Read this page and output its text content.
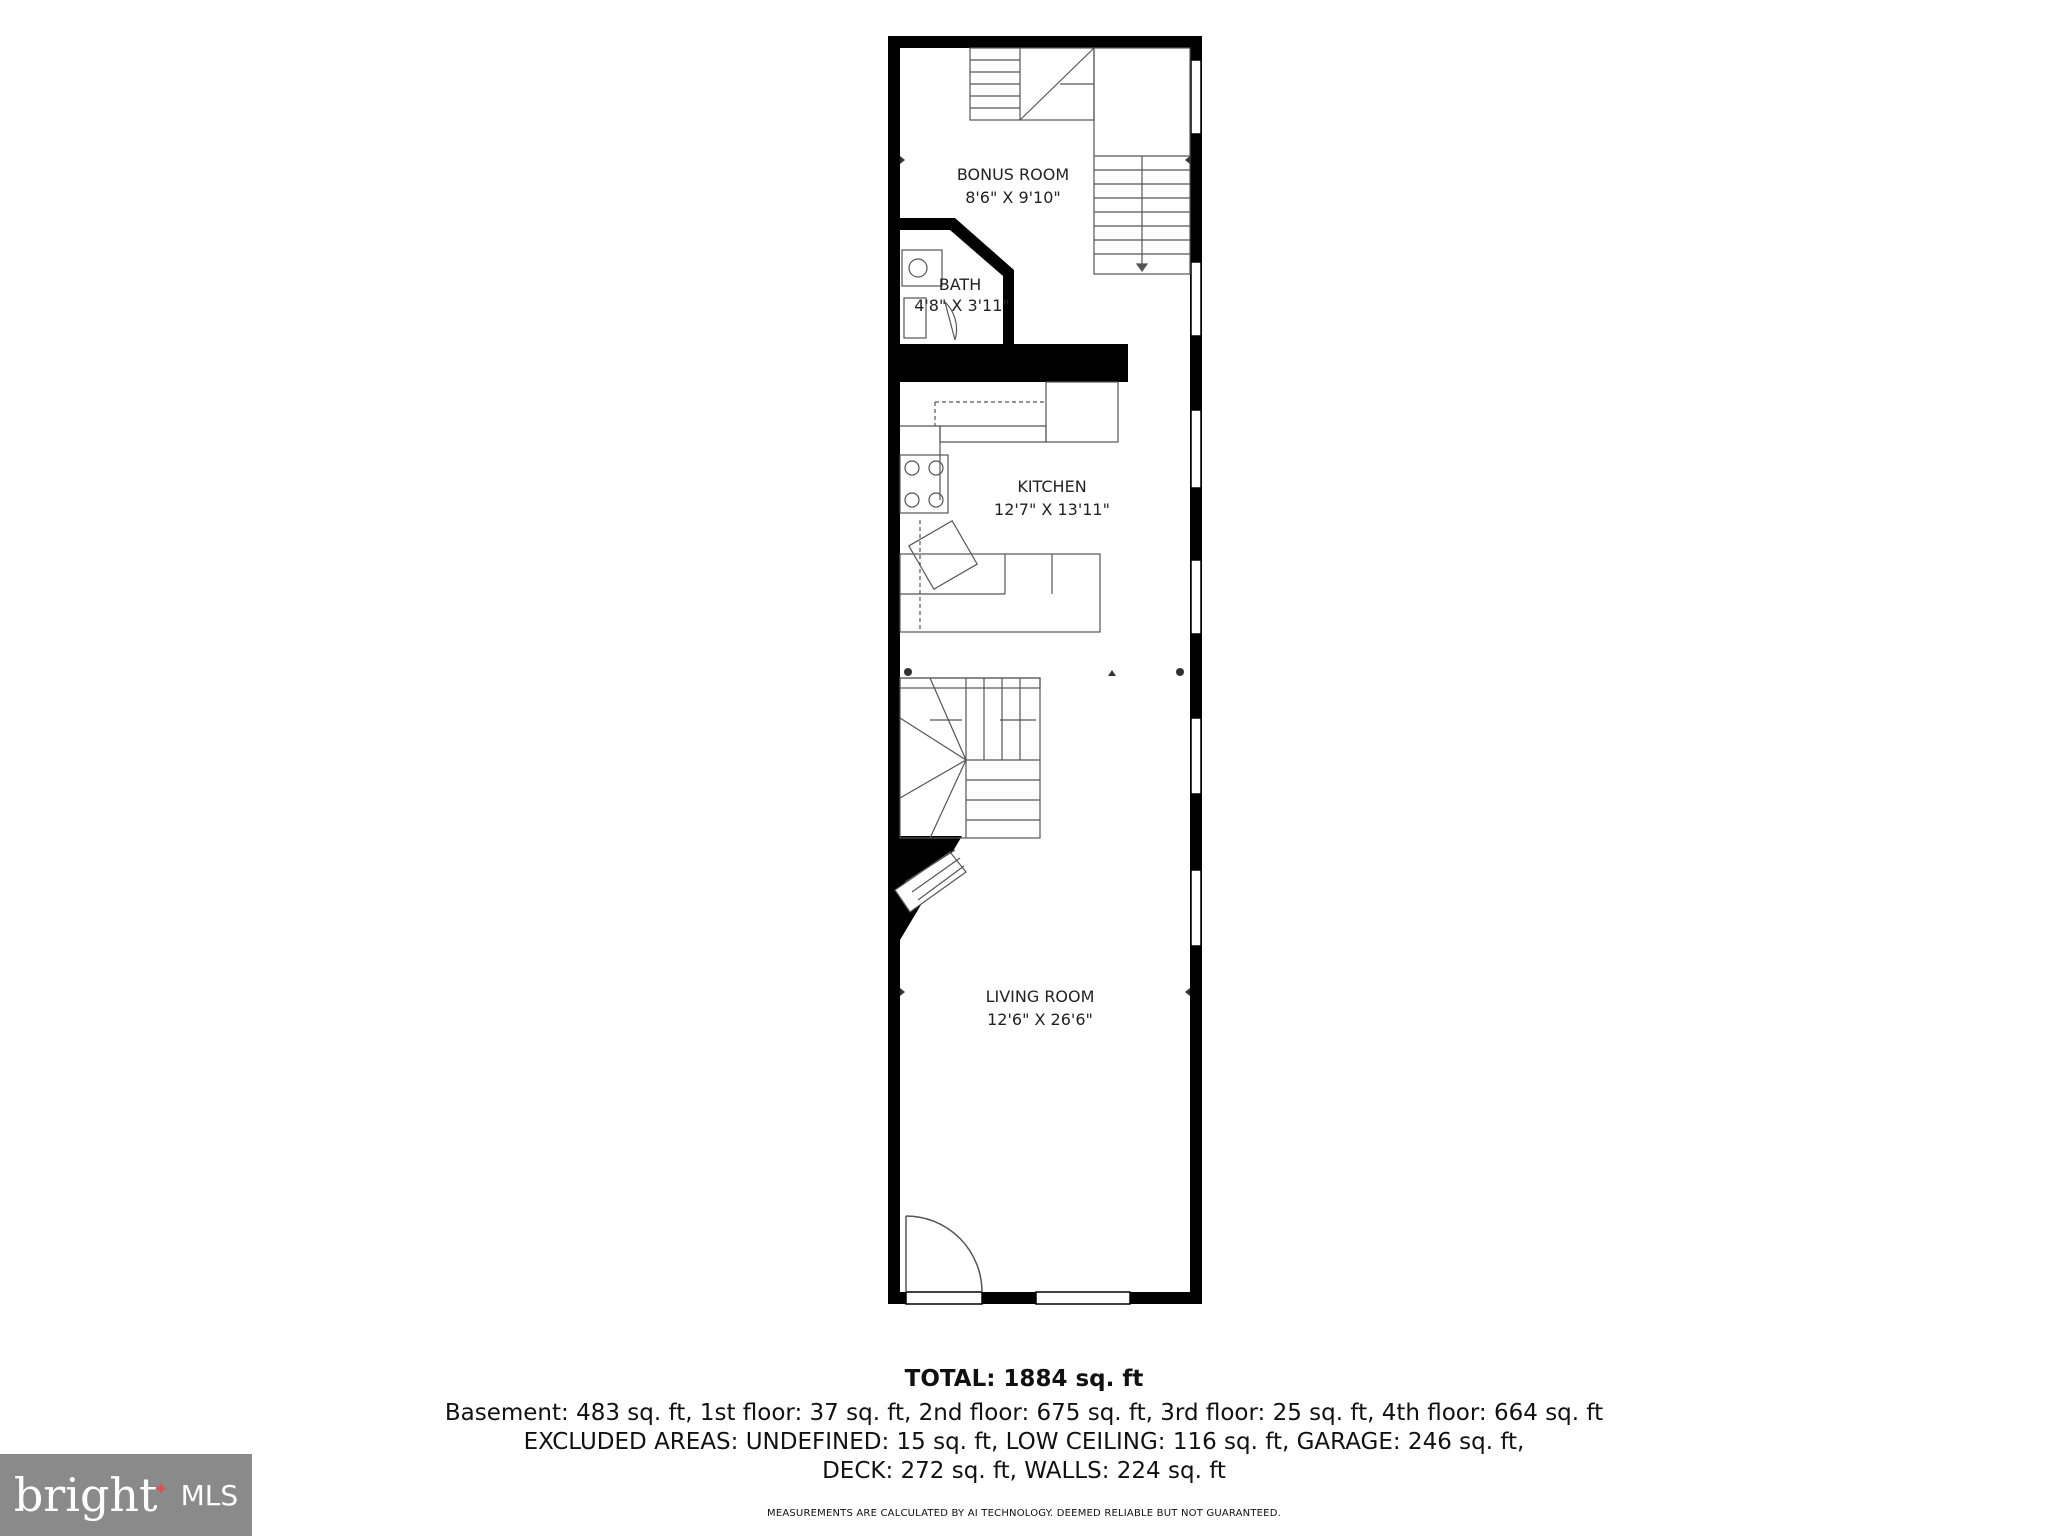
BONUS ROOM
8'6" X 9'10"
BATH
4'8" X 3'11"
KITCHEN
12'7" X 13'11"
LIVING ROOM
12'6" X 26'6"
TOTAL: 1884 sq. ft
Basement: 483 sq. ft, 1st floor: 37 sq. ft, 2nd floor: 675 sq. ft, 3rd floor: 25 sq. ft, 4th floor: 664 sq. ft
EXCLUDED AREAS: UNDEFINED: 15 sq. ft, LOW CEILING: 116 sq. ft, GARAGE: 246 sq. ft,
DECK: 272 sq. ft, WALLS: 224 sq. ft
MEASUREMENTS ARE CALCULATED BY AI TECHNOLOGY. DEEMED RELIABLE BUT NOT GUARANTEED.
bright✦ MLS
